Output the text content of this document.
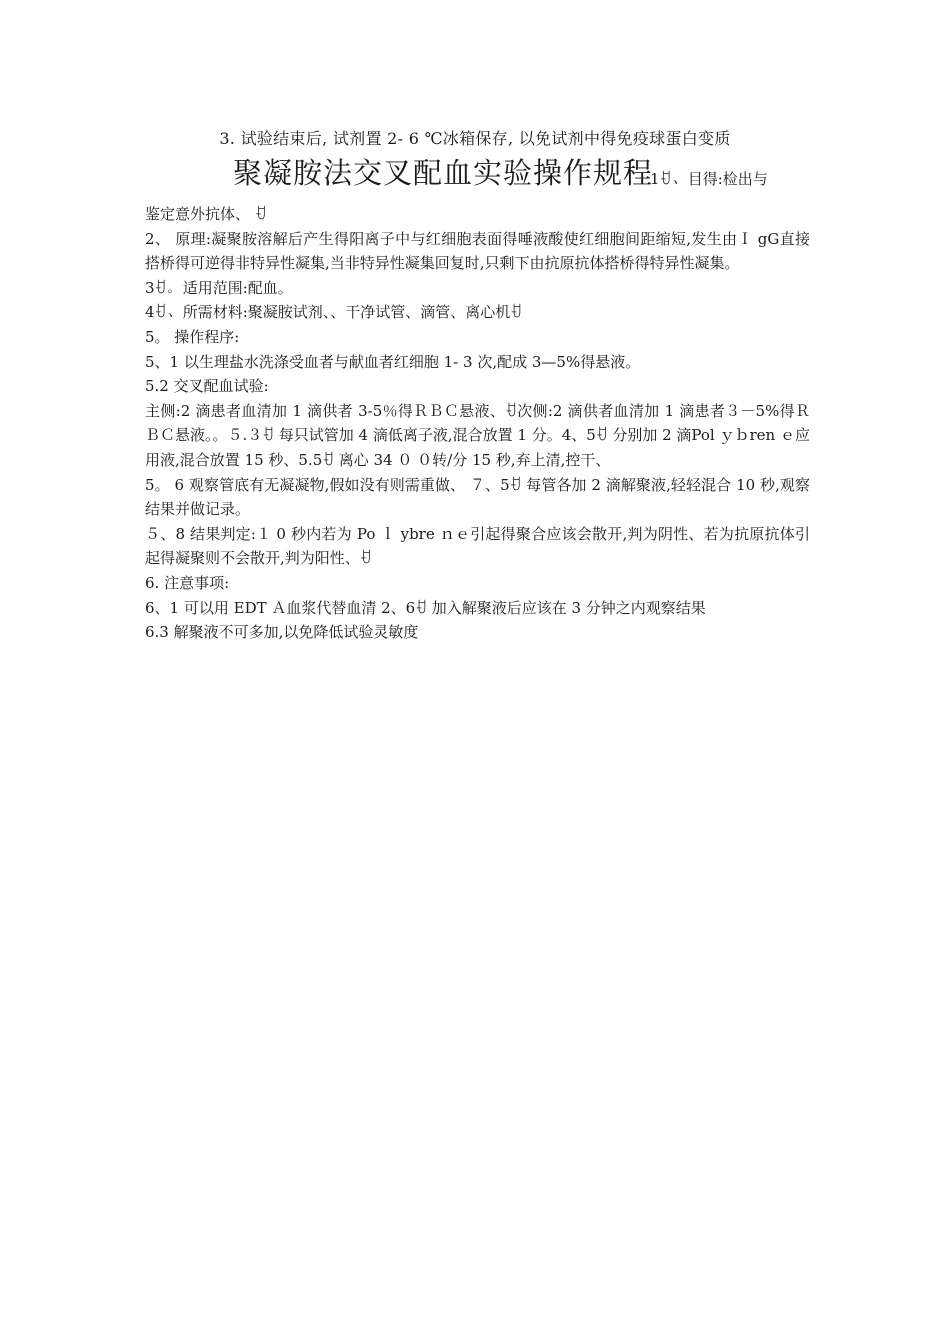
3. 试验结束后, 试剂置 2- 6 ℃冰箱保存, 以免试剂中得免疫球蛋白变质
聚凝胺法交叉配血实验操作规程
1ꀀ、 目得:检出与

鉴定意外抗体、 ꀀ

2、 原理:凝聚胺溶解后产生得阳离子中与红细胞表面得唾液酸使红细胞间距缩短,发生由Ｉ gG直接搭桥得可逆得非特异性凝集,当非特异性凝集回复时,只剩下由抗原抗体搭桥得特异性凝集。

3ꀀ。 适用范围:配血。

4ꀀ、 所需材料:聚凝胺试剂、、干净试管、滴管、离心机ꀀ

5。 操作程序:

5、1 以生理盐水洗涤受血者与献血者红细胞 1- 3 次,配成 3—5%得悬液。

5.2 交叉配血试验:

主侧:2 滴患者血清加 1 滴供者 3-5％得ＲＢＣ悬液、ꀀ次侧:2 滴供者血清加 1 滴患者３－5%得ＲＢＣ悬液。。５.３ꀀ 每只试管加 4 滴低离子液,混合放置 1 分。4、5ꀀ 分别加 2 滴Pol ｙｂren ｅ应用液,混合放置 15 秒、5.5ꀀ 离心 34 ０ ０转/分 15 秒,弃上清,控干、

5。 6 观察管底有无凝凝物,假如没有则需重做、 ７、5ꀀ 每管各加 2 滴解聚液,轻轻混合 10 秒,观察结果并做记录。

５、8 结果判定:１ 0 秒内若为 Po ｌ ybre ｎｅ引起得聚合应该会散开,判为阴性、若为抗原抗体引起得凝聚则不会散开,判为阳性、ꀀ

6. 注意事项:

6、1 可以用 EDT Ａ血浆代替血清 2、6ꀀ 加入解聚液后应该在 3 分钟之内观察结果

6.3 解聚液不可多加,以免降低试验灵敏度
